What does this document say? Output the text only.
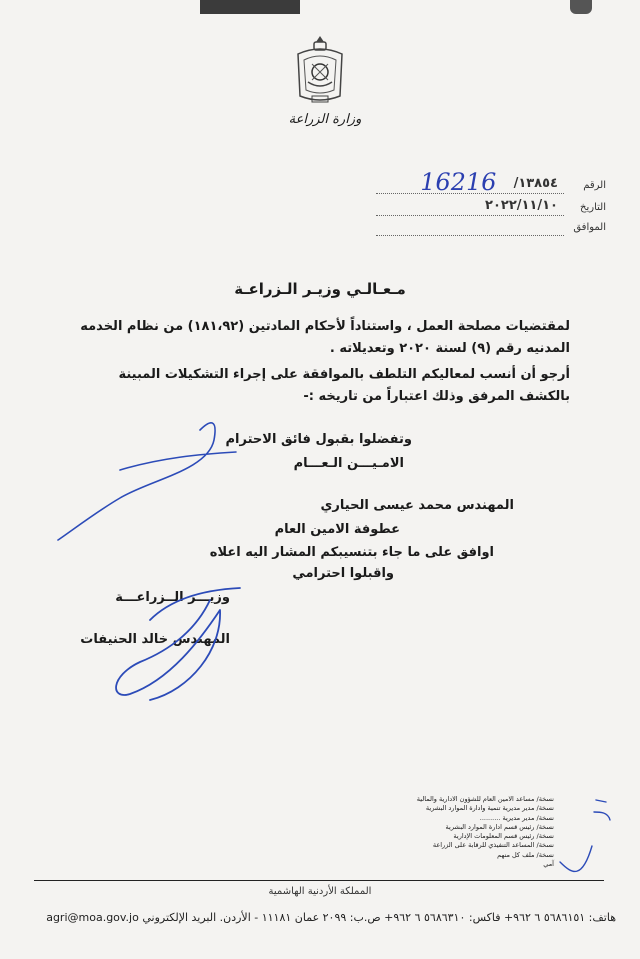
وزارة الزراعة
16216	الرقم
١٣٨٥٤/
التاريخ
٢٠٢٢/١١/١٠
الموافق
مـعـالـي وزيـر الـزراعـة
لمقتضيات مصلحة العمل ، واستناداً لأحكام المادتين (١٨١،٩٢) من نظام الخدمه المدنيه رقم (٩) لسنة ٢٠٢٠ وتعديلاته .
أرجو أن أنسب لمعاليكم التلطف بالموافقة على إجراء التشكيلات المبينة بالكشف المرفق وذلك اعتباراً من تاريخه :-
وتفضلوا بقبول فائق الاحترام
الامـيـــن الـعـــام
المهندس محمد عيسى الحياري
عطوفة الامين العام
اوافق على ما جاء بتنسيبكم المشار اليه اعلاه
واقبلوا احترامي
وزيـــر الــزراعـــة
المهندس خالد الحنيفات
نسخة/ مساعد الامين العام للشؤون الادارية والمالية
نسخة/ مدير مديرية تنمية وادارة الموارد البشرية
نسخة/ مدير مديرية ..........
نسخة/ رئيس قسم ادارة الموارد البشرية
نسخة/ رئيس قسم المعلومات الإدارية
نسخة/ المساعد التنفيذي للرقابة على الزراعة
نسخة/ ملف كل منهم
آمي
المملكة الأردنية الهاشمية
هاتف: ٥٦٨٦١٥١ ٦ ٩٦٢+ فاكس: ٥٦٨٦٣١٠ ٦ ٩٦٢+ ص.ب: ٢٠٩٩ عمان ١١١٨١ - الأردن. البريد الإلكتروني agri@moa.gov.jo
